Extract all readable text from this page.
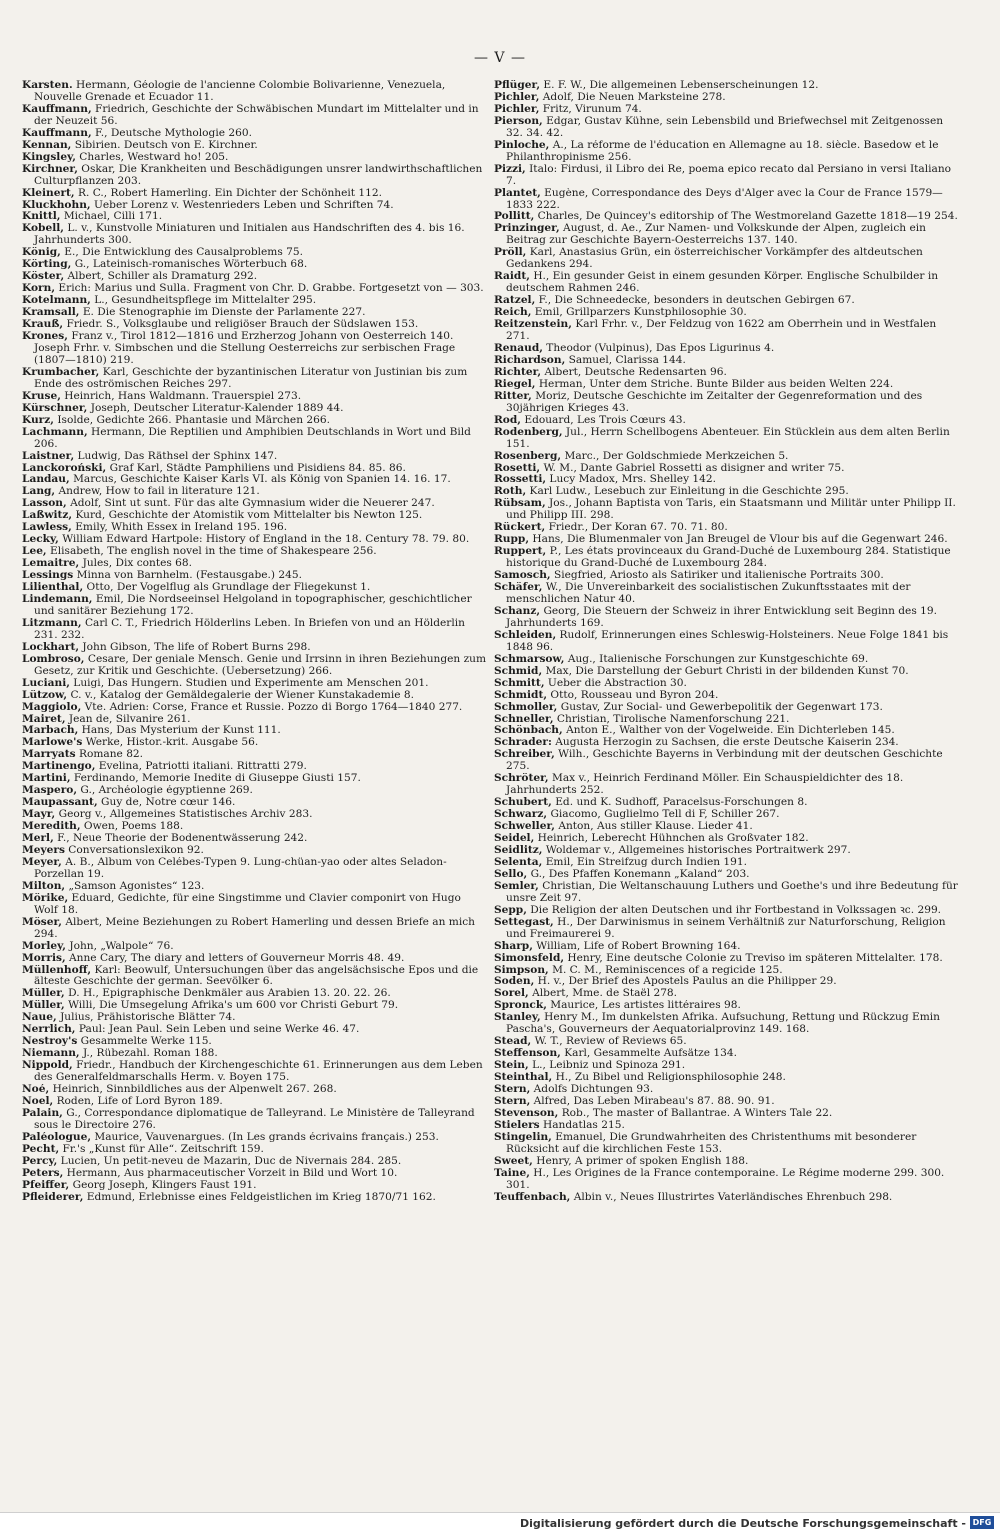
— V —

Karsten. Hermann, Géologie de l'ancienne Colombie Bolivarienne, Venezuela, Nouvelle Grenade et Ecuador 11.

Kauffmann, Friedrich, Geschichte der Schwäbischen Mundart im Mittelalter und in der Neuzeit 56.

Kauffmann, F., Deutsche Mythologie 260.

Kennan, Sibirien. Deutsch von E. Kirchner.

Kingsley, Charles, Westward ho! 205.

Kirchner, Oskar, Die Krankheiten und Beschädigungen unsrer landwirthschaftlichen Culturpflanzen 203.

Kleinert, R. C., Robert Hamerling. Ein Dichter der Schönheit 112.

Kluckhohn, Ueber Lorenz v. Westenrieders Leben und Schriften 74.

Knittl, Michael, Cilli 171.

Kobell, L. v., Kunstvolle Miniaturen und Initialen aus Handschriften des 4. bis 16. Jahrhunderts 300.

König, E., Die Entwicklung des Causalproblems 75.

Körting, G., Lateinisch-romanisches Wörterbuch 68.

Köster, Albert, Schiller als Dramaturg 292.

Korn, Erich: Marius und Sulla. Fragment von Chr. D. Grabbe. Fortgesetzt von — 303.

Kotelmann, L., Gesundheitspflege im Mittelalter 295.

Kramsall, E. Die Stenographie im Dienste der Parlamente 227.

Krauß, Friedr. S., Volksglaube und religiöser Brauch der Südslawen 153.

Krones, Franz v., Tirol 1812—1816 und Erzherzog Johann von Oesterreich 140. Joseph Frhr. v. Simbschen und die Stellung Oesterreichs zur serbischen Frage (1807—1810) 219.

Krumbacher, Karl, Geschichte der byzantinischen Literatur von Justinian bis zum Ende des oströmischen Reiches 297.

Kruse, Heinrich, Hans Waldmann. Trauerspiel 273.

Kürschner, Joseph, Deutscher Literatur-Kalender 1889 44.

Kurz, Isolde, Gedichte 266. Phantasie und Märchen 266.

Lachmann, Hermann, Die Reptilien und Amphibien Deutschlands in Wort und Bild 206.

Laistner, Ludwig, Das Räthsel der Sphinx 147.

Lanckoroński, Graf Karl, Städte Pamphiliens und Pisidiens 84. 85. 86.

Landau, Marcus, Geschichte Kaiser Karls VI. als König von Spanien 14. 16. 17.

Lang, Andrew, How to fail in literature 121.

Lasson, Adolf, Sint ut sunt. Für das alte Gymnasium wider die Neuerer 247.

Laßwitz, Kurd, Geschichte der Atomistik vom Mittelalter bis Newton 125.

Lawless, Emily, Whith Essex in Ireland 195. 196.

Lecky, William Edward Hartpole: History of England in the 18. Century 78. 79. 80.

Lee, Elisabeth, The english novel in the time of Shakespeare 256.

Lemaitre, Jules, Dix contes 68.

Lessings Minna von Barnhelm. (Festausgabe.) 245.

Lilienthal, Otto, Der Vogelflug als Grundlage der Fliegekunst 1.

Lindemann, Emil, Die Nordseeinsel Helgoland in topographischer, geschichtlicher und sanitärer Beziehung 172.

Litzmann, Carl C. T., Friedrich Hölderlins Leben. In Briefen von und an Hölderlin 231. 232.

Lockhart, John Gibson, The life of Robert Burns 298.

Lombroso, Cesare, Der geniale Mensch. Genie und Irrsinn in ihren Beziehungen zum Gesetz, zur Kritik und Geschichte. (Uebersetzung) 266.

Luciani, Luigi, Das Hungern. Studien und Experimente am Menschen 201.

Lützow, C. v., Katalog der Gemäldegalerie der Wiener Kunstakademie 8.

Maggiolo, Vte. Adrien: Corse, France et Russie. Pozzo di Borgo 1764—1840 277.

Mairet, Jean de, Silvanire 261.

Marbach, Hans, Das Mysterium der Kunst 111.

Marlowe's Werke, Histor.-krit. Ausgabe 56.

Marryats Romane 82.

Martinengo, Evelina, Patriotti italiani. Rittratti 279.

Martini, Ferdinando, Memorie Inedite di Giuseppe Giusti 157.

Maspero, G., Archéologie égyptienne 269.

Maupassant, Guy de, Notre cœur 146.

Mayr, Georg v., Allgemeines Statistisches Archiv 283.

Meredith, Owen, Poems 188.

Merl, F., Neue Theorie der Bodenentwässerung 242.

Meyers Conversationslexikon 92.

Meyer, A. B., Album von Celébes-Typen 9. Lung-chüan-yao oder altes Seladon-Porzellan 19.

Milton, „Samson Agonistes“ 123.

Mörike, Eduard, Gedichte, für eine Singstimme und Clavier componirt von Hugo Wolf 18.

Möser, Albert, Meine Beziehungen zu Robert Hamerling und dessen Briefe an mich 294.

Morley, John, „Walpole“ 76.

Morris, Anne Cary, The diary and letters of Gouverneur Morris 48. 49.

Müllenhoff, Karl: Beowulf, Untersuchungen über das angelsächsische Epos und die älteste Geschichte der german. Seevölker 6.

Müller, D. H., Epigraphische Denkmäler aus Arabien 13. 20. 22. 26.

Müller, Willi, Die Umsegelung Afrika's um 600 vor Christi Geburt 79.

Naue, Julius, Prähistorische Blätter 74.

Nerrlich, Paul: Jean Paul. Sein Leben und seine Werke 46. 47.

Nestroy's Gesammelte Werke 115.

Niemann, J., Rübezahl. Roman 188.

Nippold, Friedr., Handbuch der Kirchengeschichte 61. Erinnerungen aus dem Leben des Generalfeldmarschalls Herm. v. Boyen 175.

Noé, Heinrich, Sinnbildliches aus der Alpenwelt 267. 268.

Noel, Roden, Life of Lord Byron 189.

Palain, G., Correspondance diplomatique de Talleyrand. Le Ministère de Talleyrand sous le Directoire 276.

Paléologue, Maurice, Vauvenargues. (In Les grands écrivains français.) 253.

Pecht, Fr.'s „Kunst für Alle“. Zeitschrift 159.

Percy, Lucien, Un petit-neveu de Mazarin, Duc de Nivernais 284. 285.

Peters, Hermann, Aus pharmaceutischer Vorzeit in Bild und Wort 10.

Pfeiffer, Georg Joseph, Klingers Faust 191.

Pfleiderer, Edmund, Erlebnisse eines Feldgeistlichen im Krieg 1870/71 162.

Pflüger, E. F. W., Die allgemeinen Lebenserscheinungen 12.

Pichler, Adolf, Die Neuen Marksteine 278.

Pichler, Fritz, Virunum 74.

Pierson, Edgar, Gustav Kühne, sein Lebensbild und Briefwechsel mit Zeitgenossen 32. 34. 42.

Pinloche, A., La réforme de l'éducation en Allemagne au 18. siècle. Basedow et le Philanthropinisme 256.

Pizzi, Italo: Firdusi, il Libro dei Re, poema epico recato dal Persiano in versi Italiano 7.

Plantet, Eugène, Correspondance des Deys d'Alger avec la Cour de France 1579—1833 222.

Pollitt, Charles, De Quincey's editorship of The Westmoreland Gazette 1818—19 254.

Prinzinger, August, d. Ae., Zur Namen- und Volkskunde der Alpen, zugleich ein Beitrag zur Geschichte Bayern-Oesterreichs 137. 140.

Pröll, Karl, Anastasius Grün, ein österreichischer Vorkämpfer des altdeutschen Gedankens 294.

Raidt, H., Ein gesunder Geist in einem gesunden Körper. Englische Schulbilder in deutschem Rahmen 246.

Ratzel, F., Die Schneedecke, besonders in deutschen Gebirgen 67.

Reich, Emil, Grillparzers Kunstphilosophie 30.

Reitzenstein, Karl Frhr. v., Der Feldzug von 1622 am Oberrhein und in Westfalen 271.

Renaud, Theodor (Vulpinus), Das Epos Ligurinus 4.

Richardson, Samuel, Clarissa 144.

Richter, Albert, Deutsche Redensarten 96.

Riegel, Herman, Unter dem Striche. Bunte Bilder aus beiden Welten 224.

Ritter, Moriz, Deutsche Geschichte im Zeitalter der Gegenreformation und des 30jährigen Krieges 43.

Rod, Edouard, Les Trois Cœurs 43.

Rodenberg, Jul., Herrn Schellbogens Abenteuer. Ein Stücklein aus dem alten Berlin 151.

Rosenberg, Marc., Der Goldschmiede Merkzeichen 5.

Rosetti, W. M., Dante Gabriel Rossetti as disigner and writer 75.

Rossetti, Lucy Madox, Mrs. Shelley 142.

Roth, Karl Ludw., Lesebuch zur Einleitung in die Geschichte 295.

Rübsam, Jos., Johann Baptista von Taris, ein Staatsmann und Militär unter Philipp II. und Philipp III. 298.

Rückert, Friedr., Der Koran 67. 70. 71. 80.

Rupp, Hans, Die Blumenmaler von Jan Breugel de Vlour bis auf die Gegenwart 246.

Ruppert, P., Les états provinceaux du Grand-Duché de Luxembourg 284. Statistique historique du Grand-Duché de Luxembourg 284.

Samosch, Siegfried, Ariosto als Satiriker und italienische Portraits 300.

Schäfer, W., Die Unvereinbarkeit des socialistischen Zukunftsstaates mit der menschlichen Natur 40.

Schanz, Georg, Die Steuern der Schweiz in ihrer Entwicklung seit Beginn des 19. Jahrhunderts 169.

Schleiden, Rudolf, Erinnerungen eines Schleswig-Holsteiners. Neue Folge 1841 bis 1848 96.

Schmarsow, Aug., Italienische Forschungen zur Kunstgeschichte 69.

Schmid, Max, Die Darstellung der Geburt Christi in der bildenden Kunst 70.

Schmitt, Ueber die Abstraction 30.

Schmidt, Otto, Rousseau und Byron 204.

Schmoller, Gustav, Zur Social- und Gewerbepolitik der Gegenwart 173.

Schneller, Christian, Tirolische Namenforschung 221.

Schönbach, Anton E., Walther von der Vogelweide. Ein Dichterleben 145.

Schrader: Augusta Herzogin zu Sachsen, die erste Deutsche Kaiserin 234.

Schreiber, Wilh., Geschichte Bayerns in Verbindung mit der deutschen Geschichte 275.

Schröter, Max v., Heinrich Ferdinand Möller. Ein Schauspieldichter des 18. Jahrhunderts 252.

Schubert, Ed. und K. Sudhoff, Paracelsus-Forschungen 8.

Schwarz, Giacomo, Guglielmo Tell di F, Schiller 267.

Schweller, Anton, Aus stiller Klause. Lieder 41.

Seidel, Heinrich, Leberecht Hühnchen als Großvater 182.

Seidlitz, Woldemar v., Allgemeines historisches Portraitwerk 297.

Selenta, Emil, Ein Streifzug durch Indien 191.

Sello, G., Des Pfaffen Konemann „Kaland“ 203.

Semler, Christian, Die Weltanschauung Luthers und Goethe's und ihre Bedeutung für unsre Zeit 97.

Sepp, Die Religion der alten Deutschen und ihr Fortbestand in Volkssagen ꝛc. 299.

Settegast, H., Der Darwinismus in seinem Verhältniß zur Naturforschung, Religion und Freimaurerei 9.

Sharp, William, Life of Robert Browning 164.

Simonsfeld, Henry, Eine deutsche Colonie zu Treviso im späteren Mittelalter. 178.

Simpson, M. C. M., Reminiscences of a regicide 125.

Soden, H. v., Der Brief des Apostels Paulus an die Philipper 29.

Sorel, Albert, Mme. de Staël 278.

Spronck, Maurice, Les artistes littéraires 98.

Stanley, Henry M., Im dunkelsten Afrika. Aufsuchung, Rettung und Rückzug Emin Pascha's, Gouverneurs der Aequatorialprovinz 149. 168.

Stead, W. T., Review of Reviews 65.

Steffenson, Karl, Gesammelte Aufsätze 134.

Stein, L., Leibniz und Spinoza 291.

Steinthal, H., Zu Bibel und Religionsphilosophie 248.

Stern, Adolfs Dichtungen 93.

Stern, Alfred, Das Leben Mirabeau's 87. 88. 90. 91.

Stevenson, Rob., The master of Ballantrae. A Winters Tale 22.

Stielers Handatlas 215.

Stingelin, Emanuel, Die Grundwahrheiten des Christenthums mit besonderer Rücksicht auf die kirchlichen Feste 153.

Sweet, Henry, A primer of spoken English 188.

Taine, H., Les Origines de la France contemporaine. Le Régime moderne 299. 300. 301.

Teuffenbach, Albin v., Neues Illustrirtes Vaterländisches Ehrenbuch 298.

Digitalisierung gefördert durch die Deutsche Forschungsgemeinschaft - DFG
